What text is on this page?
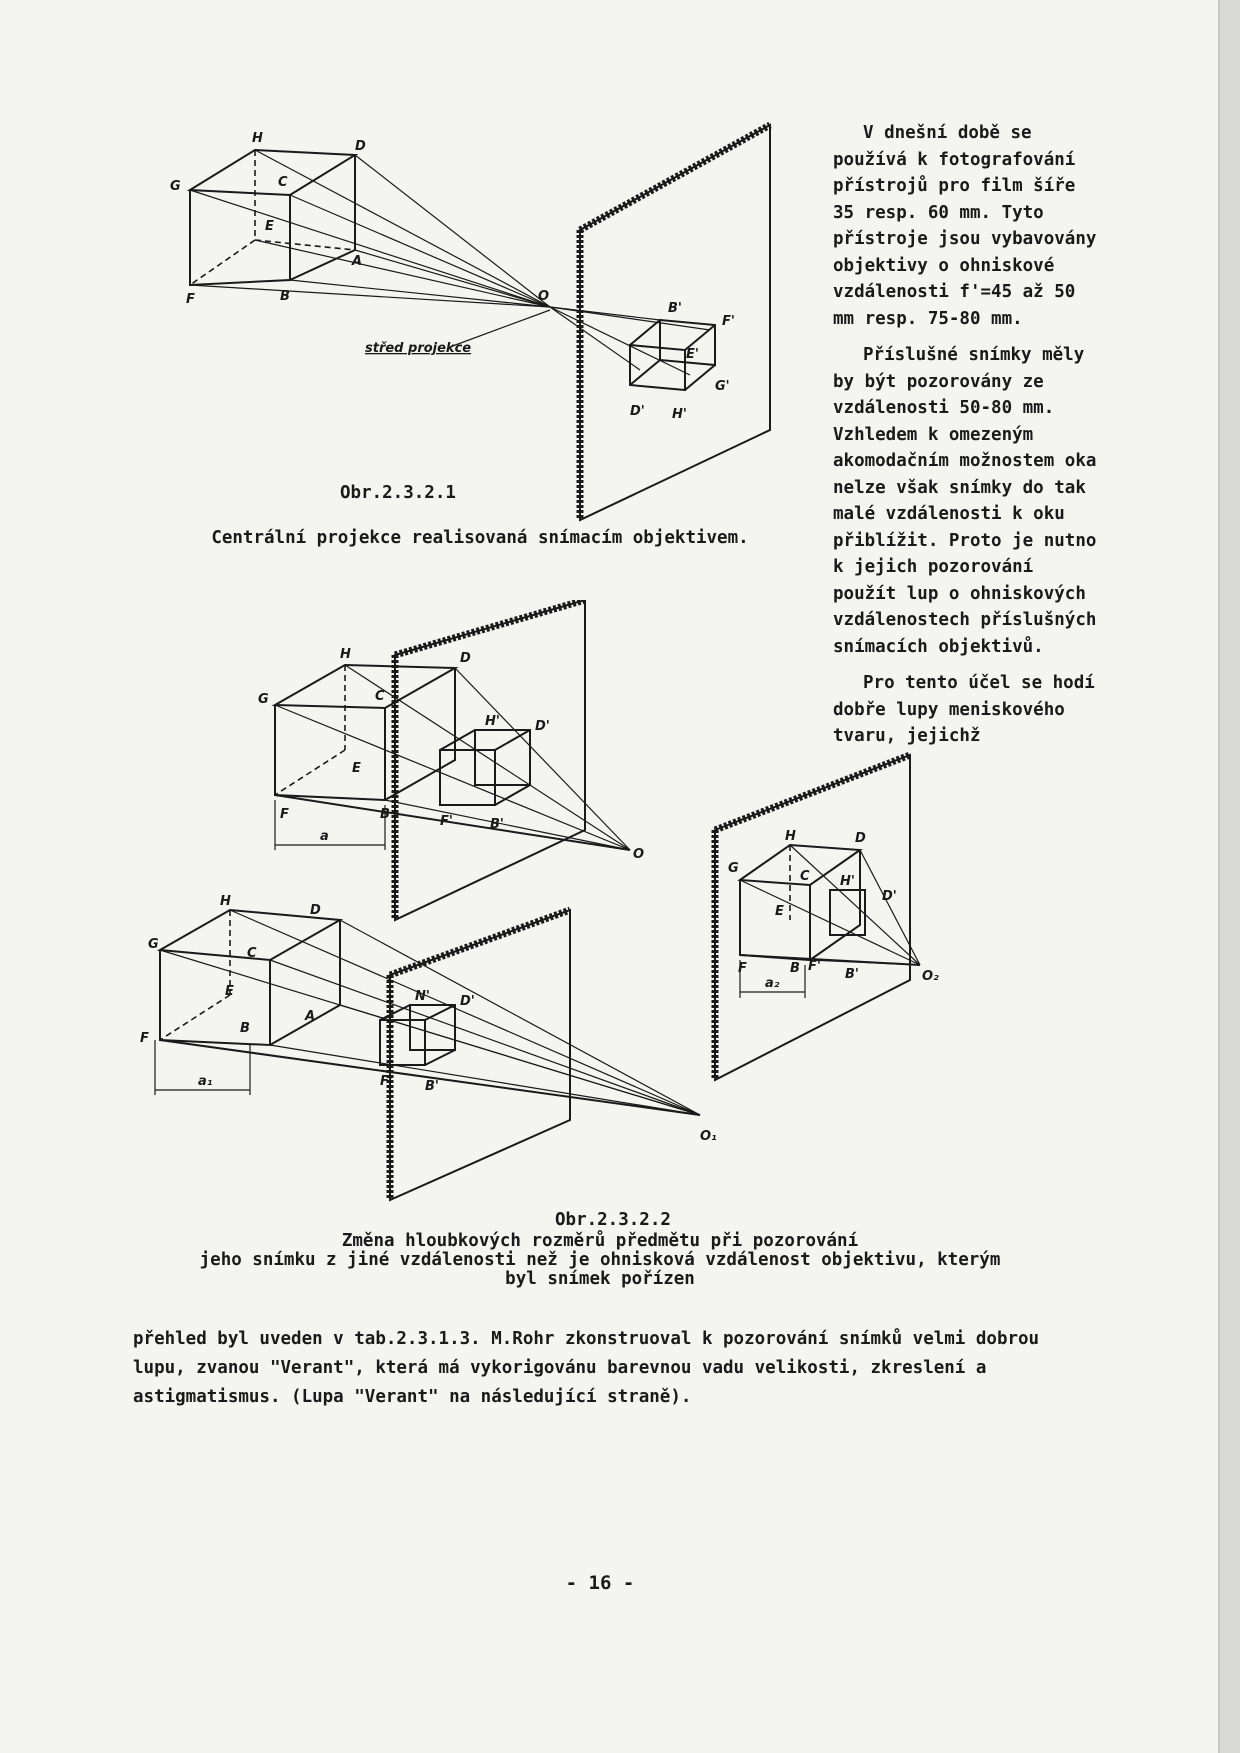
G
H
D
C
E
A
F	B	O
B'
F'
E'
G'
D' H'
střed projekce
Obr.2.3.2.1
Centrální projekce realisovaná snímacím objektivem.

V dnešní době se používá k fotografování přístrojů pro film šíře 35 resp. 60 mm. Tyto přístroje jsou vybavovány objektivy o ohniskové vzdálenosti f'=45 až 50 mm resp. 75-80 mm.

Příslušné snímky měly by být pozorovány ze vzdálenosti 50-80 mm. Vzhledem k omezeným akomodačním možnostem oka nelze však snímky do tak malé vzdálenosti k oku přiblížit. Proto je nutno k jejich pozorování použít lup o ohniskových vzdálenostech příslušných snímacích objektivů.

Pro tento účel se hodí dobře lupy meniskového tvaru, jejichž

G
H	D
C
E
F	B
H'	D'
F'	B'
O
a
G
H
D
C
E
A
F
B
N' D'
F' B'
a₁
O₁
G
H	D
C H'
D'
E
F	B F'
B'
a₂	O₂
Obr.2.3.2.2
Změna hloubkových rozměrů předmětu při pozorování
jeho snímku z jiné vzdálenosti než je ohnisková vzdálenost objektivu, kterým
byl snímek pořízen
přehled byl uveden v tab.2.3.1.3. M.Rohr zkonstruoval k pozorování snímků velmi dobrou lupu, zvanou "Verant", která má vykorigovánu barevnou vadu velikosti, zkreslení a astigmatismus. (Lupa "Verant" na následující straně).
- 16 -
